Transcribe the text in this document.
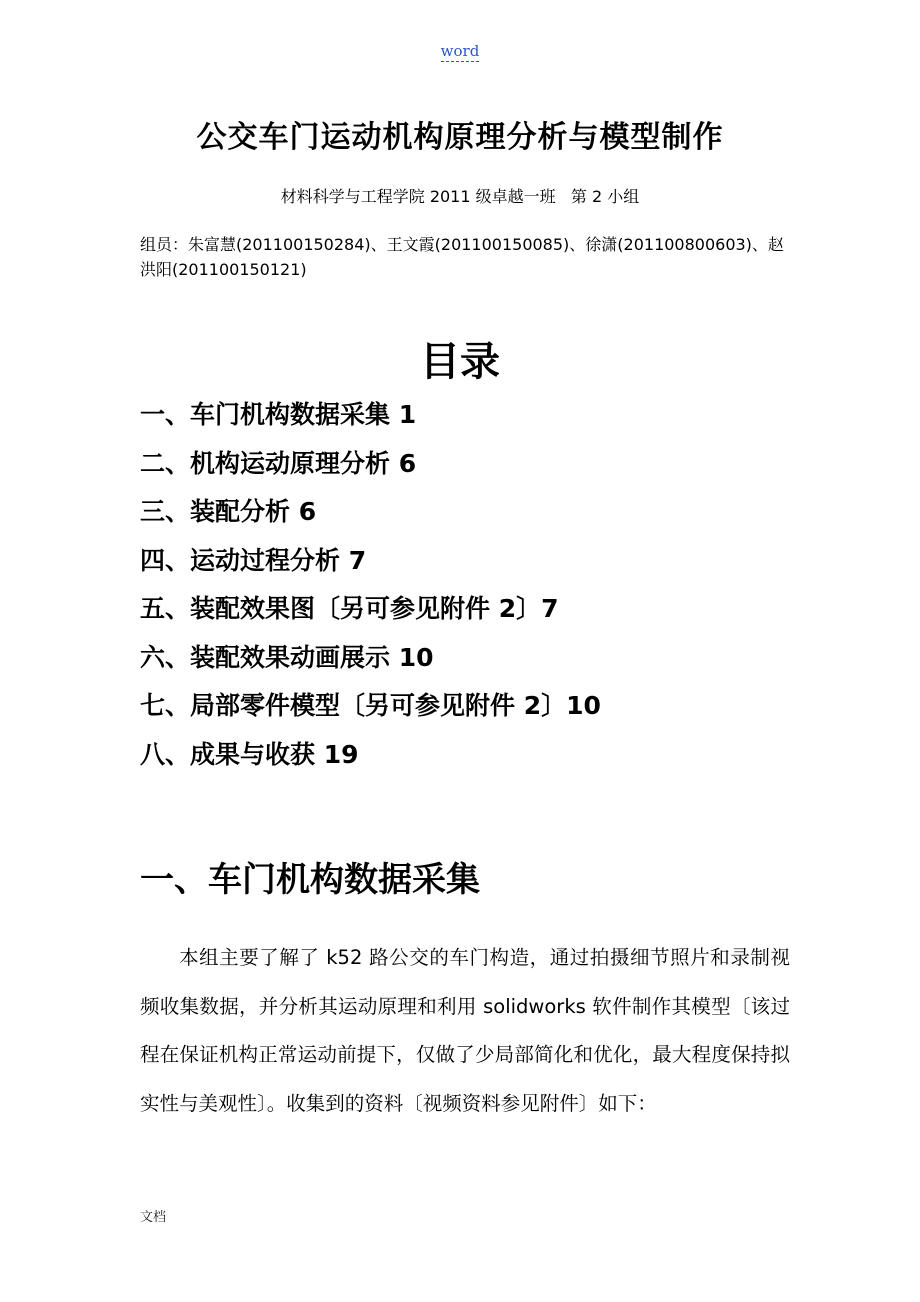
word
公交车门运动机构原理分析与模型制作
材料科学与工程学院 2011 级卓越一班   第 2 小组

组员：朱富慧(201100150284)、王文霞(201100150085)、徐潇(201100800603)、赵洪阳(201100150121)

目录
一、车门机构数据采集 1
二、机构运动原理分析 6
三、装配分析 6
四、运动过程分析 7
五、装配效果图〔另可参见附件 2〕7
六、装配效果动画展示 10
七、局部零件模型〔另可参见附件 2〕10
八、成果与收获 19
一、车门机构数据采集

本组主要了解了 k52 路公交的车门构造，通过拍摄细节照片和录制视频收集数据，并分析其运动原理和利用 solidworks 软件制作其模型〔该过程在保证机构正常运动前提下，仅做了少局部简化和优化，最大程度保持拟实性与美观性〕。收集到的资料〔视频资料参见附件〕如下：

文档
